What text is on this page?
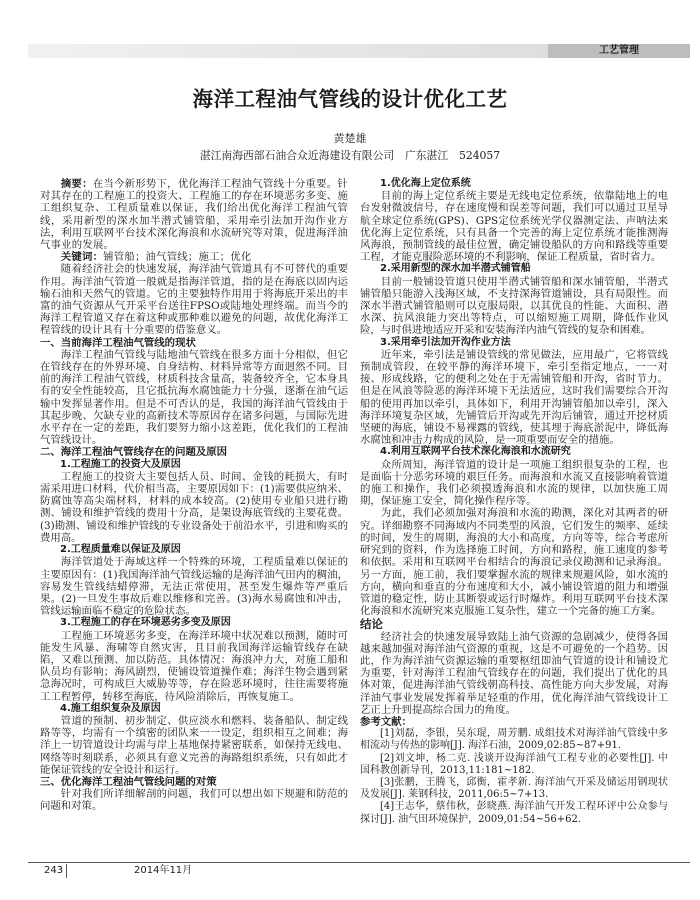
工艺管理
海洋工程油气管线的设计优化工艺
黄楚雄
湛江南海西部石油合众近海建设有限公司　广东湛江　524057

摘要：在当今新形势下，优化海洋工程油气管线十分重要。针对其存在的工程施工的投资大、工程施工的存在环境恶劣多变、施工组织复杂、工程质量难以保证，我们给出优化海洋工程油气管线，采用新型的深水加半潜式铺管船，采用牵引法加开沟作业方法，利用互联网平台技术深化海浪和水流研究等对策，促进海洋油气事业的发展。

关键词：铺管船；油气管线；施工；优化

随着经济社会的快速发展，海洋油气管道具有不可替代的重要作用。海洋油气管道一般就是指海洋管道，指的是在海底以固内运输石油和天然气的管道。它的主要独特作用用于将海底开采出的丰富的油气资源从气开采平台送往FPSO或陆地处理终端。而当今的海洋工程管道又存在着这种或那种难以避免的问题，故优化海洋工程管线的设计具有十分重要的借鉴意义。

一、当前海洋工程油气管线的现状

海洋工程油气管线与陆地油气管线在很多方面十分相似，但它在管线存在的外界环境、自身结构、材料异常等方面迥然不同。目前的海洋工程油气管线，材质科技含量高，装备较齐全，它本身具有的安全性能较高，且它抵抗海水腐蚀能力十分强，逐渐在油气运输中发挥显著作用。但是不可否认的是，我国的海洋油气管线由于其起步晚、欠缺专业的高新技术等原因存在诸多问题，与国际先进水平存在一定的差距，我们要努力缩小这差距，优化我们的工程油气管线设计。

二、海洋工程油气管线存在的问题及原因

1.工程施工的投资大及原因

工程施工的投资大主要包括人员、时间、金钱的耗损大，有时需采用进口材料，代价相当高，主要原因如下：(1)需要供应纳米、防腐蚀等高尖端材料，材料的成本较高。(2)使用专业船只进行勘测、铺设和维护管线的费用十分高，是架设海底管线的主要花费。(3)勘测、铺设和维护管线的专业设备处于前沿水平，引进和购买的费用高。

2.工程质量难以保证及原因

海洋管道处于海域这样一个特殊的环境，工程质量难以保证的主要原因有：(1)我国海洋油气管线运输的是海洋油气田内的稠油，容易发生管线结蜡停滞，无法正常使用，甚至发生爆炸等严重后果。(2)一旦发生事故后难以维修和完善。(3)海水易腐蚀和冲击，管线运输面临不稳定的危险状态。

3.工程施工的存在环境恶劣多变及原因

工程施工环境恶劣多变，在海洋环境中状况难以预测，随时可能发生风暴、海啸等自然灾害，且目前我国海洋运输管线存在缺陷，又难以预测、加以防范。具体情况：海浪冲力大，对施工船和队员均有影响；海风剧烈，使铺设管道操作难；海洋生物会遇到紧急海况时，可构成巨大威胁等等，存在险恶环境时，往往需要将施工工程暂停，转移至海底，待风险消除后，再恢复施工。

4.施工组织复杂及原因

管道的预制、初步制定、供应淡水和燃料、装备船队、制定线路等等，均需有一个缜密的团队来一一设定，组织相互之间难；海洋上一切管道设计均需与岸上基地保持紧密联系，如保持无线电、网络等时刻联系，必须具有意义完善的海路组织系统，只有如此才能保证管线的安全设计和运行。

三、优化海洋工程油气管线问题的对策

针对我们所详细解剖的问题，我们可以想出如下规避和防范的问题和对策。

1.优化海上定位系统

目前的海上定位系统主要是无线电定位系统，依靠陆地上的电台发射微波信号，存在速度慢和误差等问题，我们可以通过卫星导航全球定位系统(GPS)、GPS定位系统光学仪器测定法、声呐法来优化海上定位系统，只有具备一个完善的海上定位系统才能推测海风海浪，预制管线的最佳位置，确定铺设船队的方向和路线等重要工程，才能克服险恶环境的不利影响，保证工程质量，省时省力。

2.采用新型的深水加半潜式铺管船

目前一般铺设管道只使用半潜式铺管船和深水铺管船，半潜式铺管船只能游入浅海区域，不支持深海管道铺设，具有局限性。而深水半潜式铺管船则可以克服局限，以其优良的性能、大面积、潜水深、抗风浪能力突出等特点，可以缩短施工周期，降低作业风险，与时俱进地适应开采和安装海洋内油气管线的复杂和困难。

3.采用牵引法加开沟作业方法

近年来，牵引法是铺设管线的常见做法，应用最广，它将管线预制成管段，在较平静的海洋环境下，牵引至指定地点，一一对接、形成线路，它的便利之处在于无需铺管船和开沟，省时节力。但是在风浪等险恶的海洋环境下无法适应，这时我们需要综合开沟船的使用再加以牵引，具体如下，利用开沟铺管船加以牵引，深入海洋环境复杂区域，先铺管后开沟或先开沟后铺管，通过开挖材质坚硬的海底，铺设不易裸露的管线，使其埋于海底淤泥中，降低海水腐蚀和冲击力构成的风险，是一项重要而安全的措施。

4.利用互联网平台技术深化海浪和水流研究

众所周知，海洋管道的设计是一项施工组织很复杂的工程，也是面临十分恶劣环境的艰巨任务。而海浪和水流又直接影响着管道的施工和操作，我们必须摸透海浪和水流的规律，以加快施工周期，保证施工安全，简化操作程序等。

为此，我们必须加强对海浪和水流的勘测，深化对其两者的研究。详细勘察不同海域内不同类型的风浪，它们发生的频率、延续的时间，发生的周期，海浪的大小和高度，方向等等，综合考虑所研究到的资料，作为选择施工时间，方向和路程，施工速度的参考和依据。采用和互联网平台相结合的海浪记录仪勘测和记录海浪。另一方面，施工前，我们要掌握水流的规律来规避风险，如水流的方向，横向和垂直的分布速度和大小，减小铺设管道的阻力和增强管道的稳定性，防止其断裂或运行时爆炸。利用互联网平台技术深化海浪和水流研究来克服施工复杂性，建立一个完备的施工方案。

结论

经济社会的快速发展导致陆上油气资源的急剧减少，使得各国越来越加强对海洋油气资源的重视，这是不可避免的一个趋势。因此，作为海洋油气资源运输的重要枢纽即油气管道的设计和铺设尤为重要，针对海洋工程油气管线存在的问题，我们提出了优化的具体对策，促进海洋油气管线朝高科技、高性能方向大步发展，对海洋油气事业发展发挥着举足轻重的作用，优化海洋油气管线设计工艺正上升到提高综合国力的角度。

参考文献：

[1]刘磊，李银，吴东琨，周芳鹏. 成组技术对海洋油气管线中多相流动与传热的影响[J]. 海洋石油，2009,02:85~87+91.

[2]刘文坤，杨二克. 浅谈开设海洋油气工程专业的必要性[J]. 中国科教创新导刊，2013,11:181~182.

[3]张鹏，王腾飞，邱衡，霍孝新. 海洋油气开采及储运用钢现状及发展[J]. 莱钢科技，2011,06:5~7+13.

[4]王志华，蔡伟秋，彭晓燕. 海洋油气开发工程环评中公众参与探讨[J]. 油气田环境保护，2009,01:54~56+62.

243	2014年11月
